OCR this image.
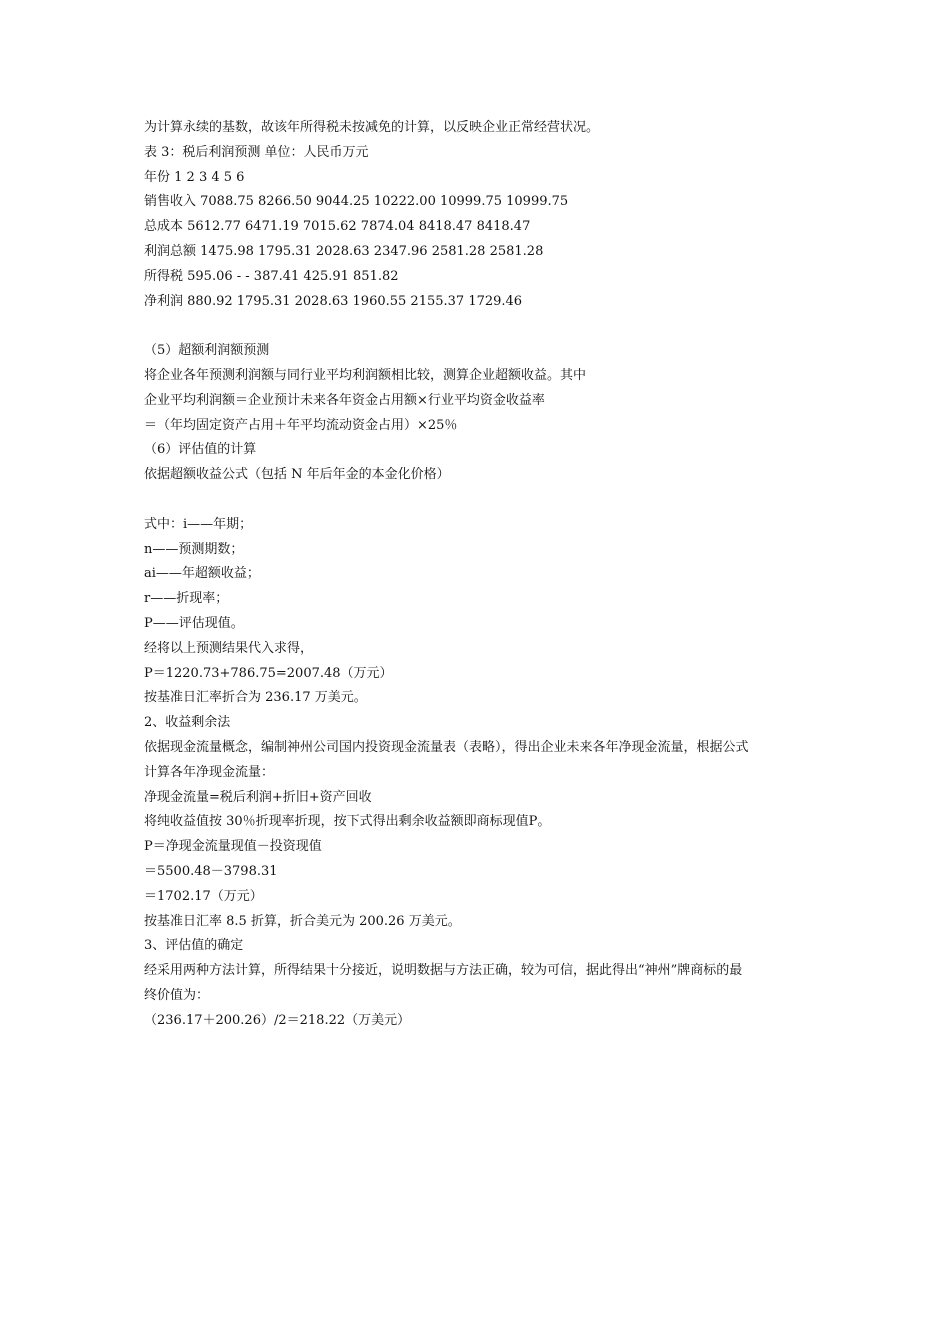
为计算永续的基数，故该年所得税未按减免的计算，以反映企业正常经营状况。
表 3：税后利润预测 单位：人民币万元
年份 1 2 3 4 5 6
销售收入 7088.75 8266.50 9044.25 10222.00 10999.75 10999.75
总成本 5612.77 6471.19 7015.62 7874.04 8418.47 8418.47
利润总额 1475.98 1795.31 2028.63 2347.96 2581.28 2581.28
所得税 595.06 - - 387.41 425.91 851.82
净利润 880.92 1795.31 2028.63 1960.55 2155.37 1729.46
（5）超额利润额预测
将企业各年预测利润额与同行业平均利润额相比较，测算企业超额收益。其中
企业平均利润额＝企业预计未来各年资金占用额×行业平均资金收益率
＝（年均固定资产占用＋年平均流动资金占用）×25％
（6）评估值的计算
依据超额收益公式（包括 N 年后年金的本金化价格）
式中：i——年期；
n——预测期数；
ai——年超额收益；
r——折现率；
P——评估现值。
经将以上预测结果代入求得，
P＝1220.73+786.75=2007.48（万元）
按基准日汇率折合为 236.17 万美元。
2、收益剩余法
依据现金流量概念，编制神州公司国内投资现金流量表（表略），得出企业未来各年净现金流量，根据公式
计算各年净现金流量：
净现金流量=税后利润+折旧+资产回收
将纯收益值按 30％折现率折现，按下式得出剩余收益额即商标现值P。
P＝净现金流量现值－投资现值
＝5500.48－3798.31
＝1702.17（万元）
按基准日汇率 8.5 折算，折合美元为 200.26 万美元。
3、评估值的确定
经采用两种方法计算，所得结果十分接近，说明数据与方法正确，较为可信，据此得出“神州”牌商标的最
终价值为：
（236.17＋200.26）/2＝218.22（万美元）
